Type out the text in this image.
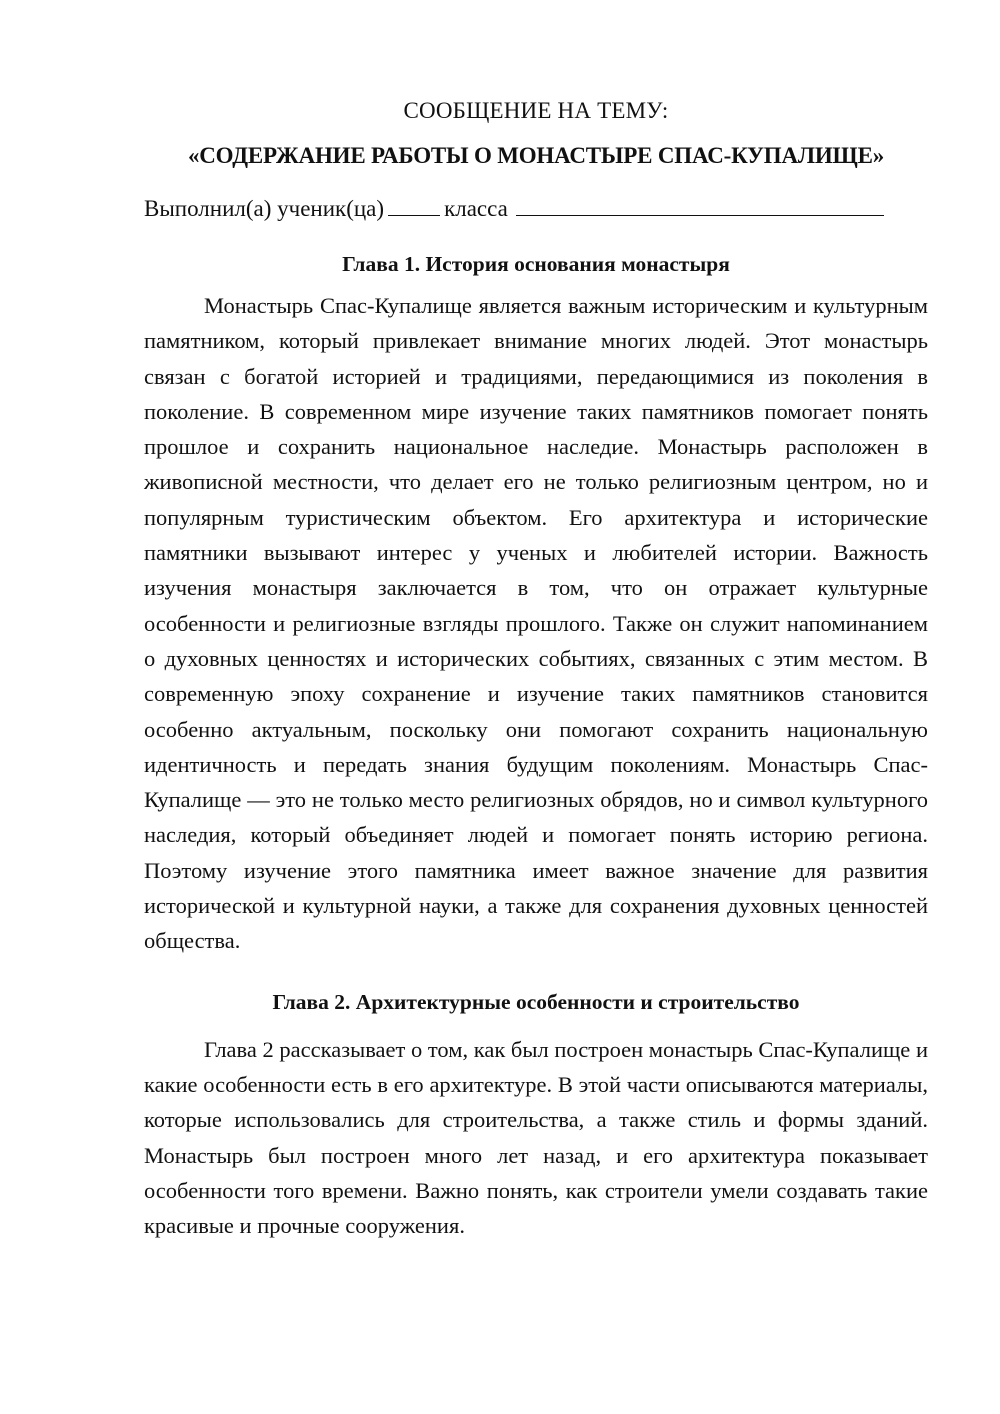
СООБЩЕНИЕ НА ТЕМУ:
«СОДЕРЖАНИЕ РАБОТЫ О МОНАСТЫРЕ СПАС-КУПАЛИЩЕ»
Выполнил(а) ученик(ца)	класса
Глава 1. История основания монастыря

Монастырь Спас-Купалище является важным историческим и культурным памятником, который привлекает внимание многих людей. Этот монастырь связан с богатой историей и традициями, передающимися из поколения в поколение. В современном мире изучение таких памятников помогает понять прошлое и сохранить национальное наследие. Монастырь расположен в живописной местности, что делает его не только религиозным центром, но и популярным туристическим объектом. Его архитектура и исторические памятники вызывают интерес у ученых и любителей истории. Важность изучения монастыря заключается в том, что он отражает культурные особенности и религиозные взгляды прошлого. Также он служит напоминанием о духовных ценностях и исторических событиях, связанных с этим местом. В современную эпоху сохранение и изучение таких памятников становится особенно актуальным, поскольку они помогают сохранить национальную идентичность и передать знания будущим поколениям. Монастырь Спас-Купалище — это не только место религиозных обрядов, но и символ культурного наследия, который объединяет людей и помогает понять историю региона. Поэтому изучение этого памятника имеет важное значение для развития исторической и культурной науки, а также для сохранения духовных ценностей общества.

Глава 2. Архитектурные особенности и строительство

Глава 2 рассказывает о том, как был построен монастырь Спас-Купалище и какие особенности есть в его архитектуре. В этой части описываются материалы, которые использовались для строительства, а также стиль и формы зданий. Монастырь был построен много лет назад, и его архитектура показывает особенности того времени. Важно понять, как строители умели создавать такие красивые и прочные сооружения.
